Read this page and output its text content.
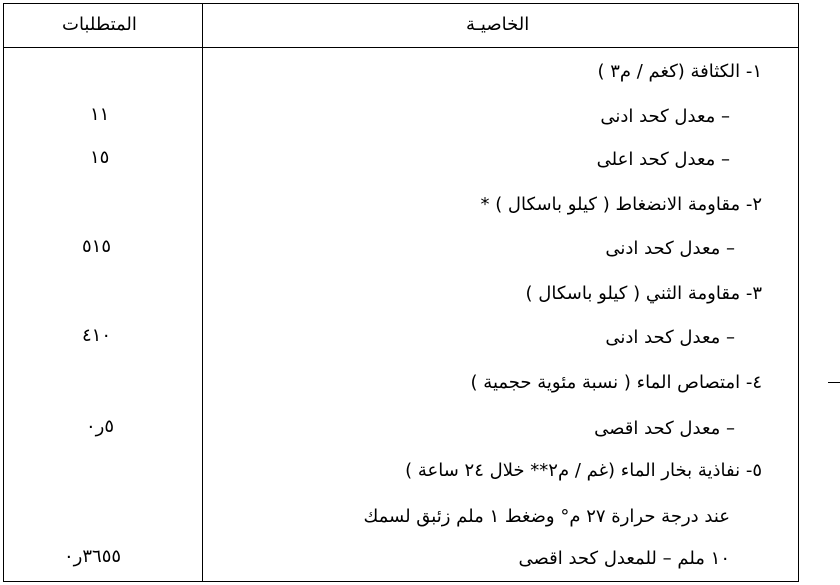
الخاصيـة
المتطلبات
١- الكثافة (كغم / م٣ )
– معدل كحد ادنى
١١
– معدل كحد اعلى
١٥
٢- مقاومة الانضغاط ( كيلو باسكال ) *
– معدل كحد ادنى
٥١٥
٣- مقاومة الثني ( كيلو باسكال )
– معدل كحد ادنى
٤١٠
٤- امتصاص الماء ( نسبة مئوية حجمية )
– معدل كحد اقصى
٥ر٠
٥- نفاذية بخار الماء (غم / م٢** خلال ٢٤ ساعة )
عند درجة حرارة ٢٧ م° وضغط ١ ملم زئبق لسمك
١٠ ملم – للمعدل كحد اقصى
٣٦٥٥ر٠
